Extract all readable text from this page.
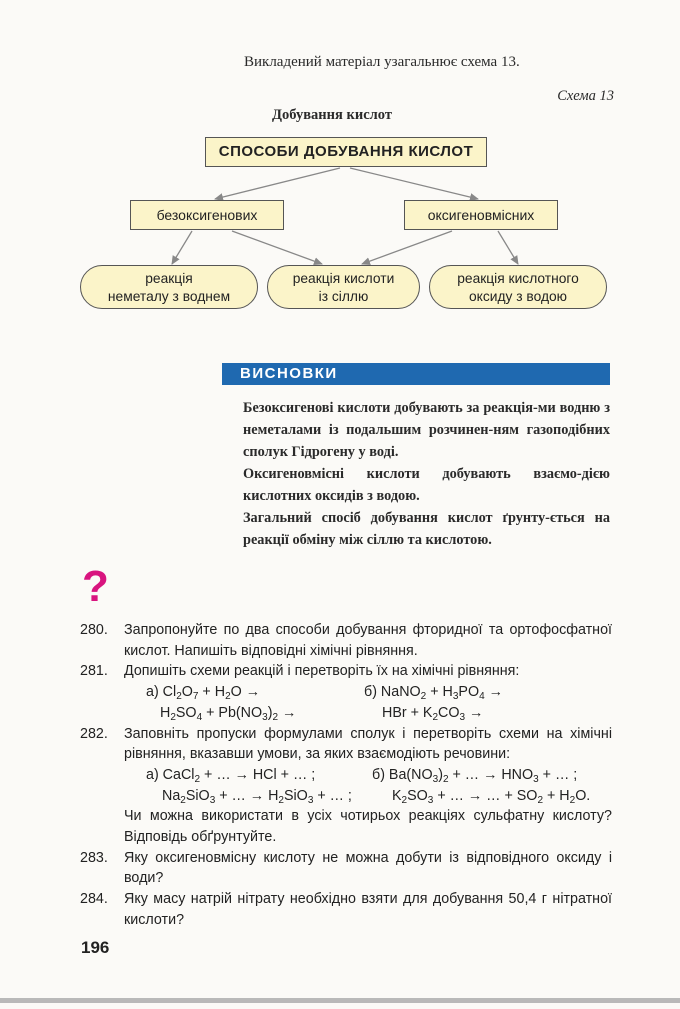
Викладений матеріал узагальнює схема 13.
Схема 13
Добування кислот
СПОСОБИ ДОБУВАННЯ КИСЛОТ
безоксигенових	оксигеновмісних
реакція
неметалу з воднем
реакція кислоти
із сіллю
реакція кислотного
оксиду з водою
ВИСНОВКИ

Безоксигенові кислоти добувають за реакція-ми водню з неметалами із подальшим розчинен-ням газоподібних сполук Гідрогену у воді.

Оксигеновмісні кислоти добувають взаємо-дією кислотних оксидів з водою.

Загальний спосіб добування кислот ґрунту-ється на реакції обміну між сіллю та кислотою.

?
280.	Запропонуйте по два способи добування фторидної та ортофосфатної кислот. Напишіть відповідні хімічні рівняння.
281.	Допишіть схеми реакцій і перетворіть їх на хімічні рівняння:
а) $Cl_2O_7 + H_2O$ →	б) NaNO$_2$ + $H_3PO_4$ →
$H_2SO_4 + Pb(NO_3)_2$ →	HBr + $K_2CO_3$ →
282.	Заповніть пропуски формулами сполук і перетворіть схеми на хімічні рівняння, вказавши умови, за яких взаємодіють речовини:
а) CaCl$_2$ + … → HCl + … ;	б) $Ba(NO_3)_2$ + … → $HNO_3$ + … ;
$Na_2SiO_3$ + … → $H_2SiO_3$ + … ;	$K_2SO_3$ + … → … + $SO_2 + H_2O$.
Чи можна використати в усіх чотирьох реакціях сульфатну кислоту? Відповідь обґрунтуйте.
283.	Яку оксигеновмісну кислоту не можна добути із відповідного оксиду і води?
284.	Яку масу натрій нітрату необхідно взяти для добування 50,4 г нітратної кислоти?
196
